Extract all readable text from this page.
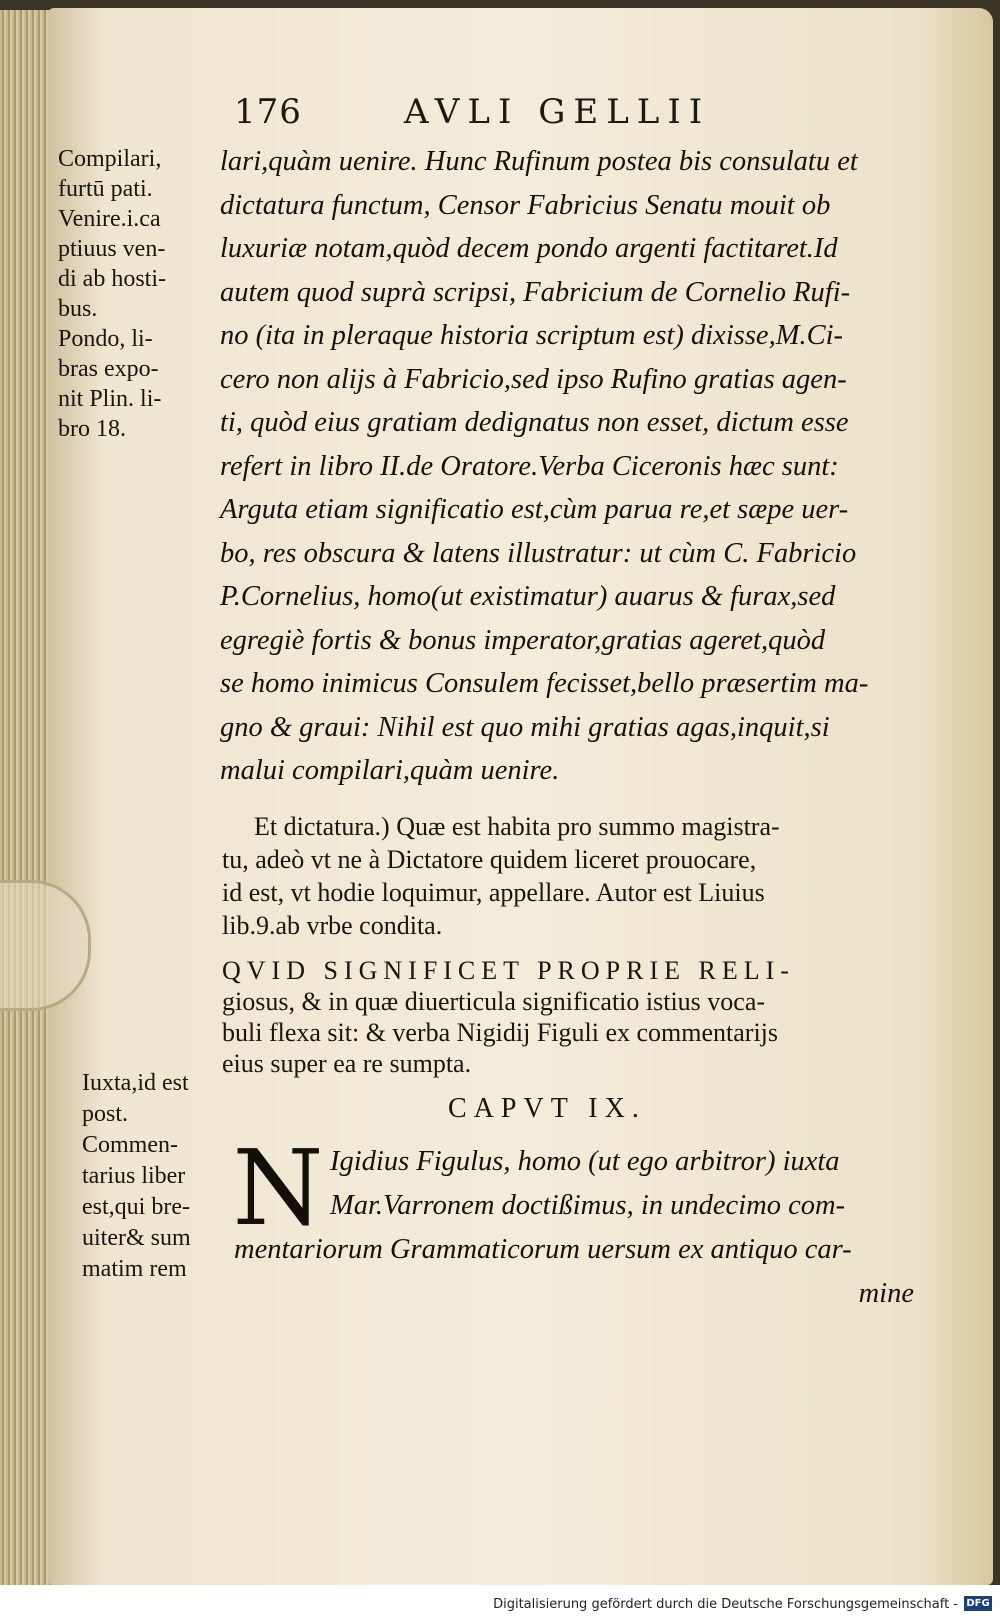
176	AVLI GELLII
Compilari,
furtū pati.
Venire.i.ca
ptiuus ven-
di ab hosti-
bus.
Pondo, li-
bras expo-
nit Plin. li-
bro 18.
lari,quàm uenire. Hunc Rufinum postea bis consulatu et
dictatura functum, Censor Fabricius Senatu mouit ob
luxuriæ notam,quòd decem pondo argenti factitaret.Id
autem quod suprà scripsi, Fabricium de Cornelio Rufi-
no (ita in pleraque historia scriptum est) dixisse,M.Ci-
cero non alijs à Fabricio,sed ipso Rufino gratias agen-
ti, quòd eius gratiam dedignatus non esset, dictum esse
refert in libro II.de Oratore.Verba Ciceronis hæc sunt:
Arguta etiam significatio est,cùm parua re,et sæpe uer-
bo, res obscura & latens illustratur: ut cùm C. Fabricio
P.Cornelius, homo(ut existimatur) auarus & furax,sed
egregiè fortis & bonus imperator,gratias ageret,quòd
se homo inimicus Consulem fecisset,bello præsertim ma-
gno & graui: Nihil est quo mihi gratias agas,inquit,si
malui compilari,quàm uenire.
Et dictatura.) Quæ est habita pro summo magistra-
tu, adeò vt ne à Dictatore quidem liceret prouocare,
id est, vt hodie loquimur, appellare. Autor est Liuius
lib.9.ab vrbe condita.
QVID SIGNIFICET PROPRIE RELI-
giosus, & in quæ diuerticula significatio istius voca-
buli flexa sit: & verba Nigidij Figuli ex commentarijs
eius super ea re sumpta.
Iuxta,id est
post.
Commen-
tarius liber
est,qui bre-
uiter& sum
matim rem
CAPVT IX.
N Igidius Figulus, homo (ut ego arbitror) iuxta
Mar.Varronem doctißimus, in undecimo com-
mentariorum Grammaticorum uersum ex antiquo car-
mine
Digitalisierung gefördert durch die Deutsche Forschungsgemeinschaft - DFG
